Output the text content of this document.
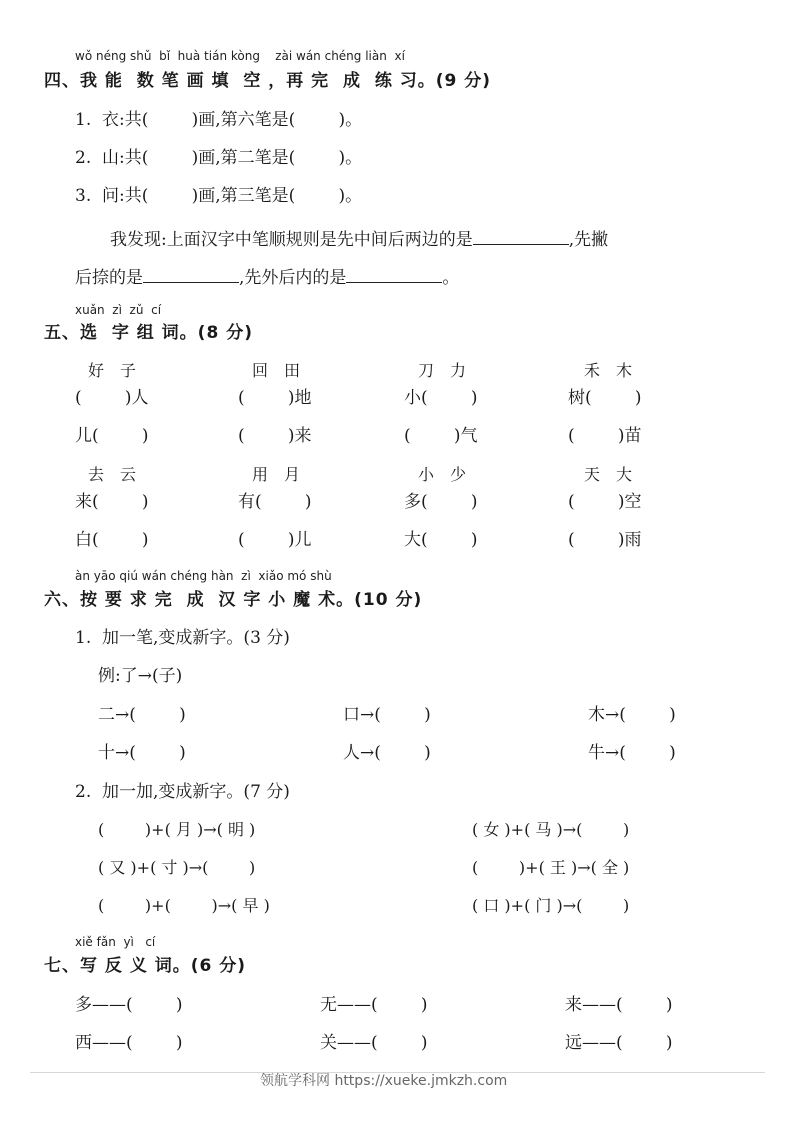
wǒ néng shǔ  bǐ  huà tián kòng    zài wán chéng liàn  xí
四、我 能  数 笔 画 填  空 ，再 完  成  练 习。(9 分)
1.  衣:共(        )画,第六笔是(        )。
2.  山:共(        )画,第二笔是(        )。
3.  问:共(        )画,第三笔是(        )。
我发现:上面汉字中笔顺规则是先中间后两边的是	,先撇
后捺的是	,先外后内的是	。
xuǎn  zì  zǔ  cí
五、选  字 组 词。(8 分)
好　子	回　田	刀　力	禾　木
(        )人	(        )地	小(        )	树(        )
儿(        )	(        )来	(        )气	(        )苗
去　云	用　月	小　少	天　大
来(        )	有(        )	多(        )	(        )空
白(        )	(        )儿	大(        )	(        )雨
àn yāo qiú wán chéng hàn  zì  xiǎo mó shù
六、按 要 求 完  成  汉 字 小 魔 术。(10 分)
1.  加一笔,变成新字。(3 分)
例:了→(子)
二→(        )	口→(        )	木→(        )
十→(        )	人→(        )	牛→(        )
2.  加一加,变成新字。(7 分)
(        )+( 月 )→( 明 )	( 女 )+( 马 )→(        )
( 又 )+( 寸 )→(        )	(        )+( 王 )→( 全 )
(        )+(        )→( 早 )	( 口 )+( 门 )→(        )
xiě fǎn  yì   cí
七、写 反 义 词。(6 分)
多——(        )	无——(        )	来——(        )
西——(        )	关——(        )	远——(        )
领航学科网 https://xueke.jmkzh.com
